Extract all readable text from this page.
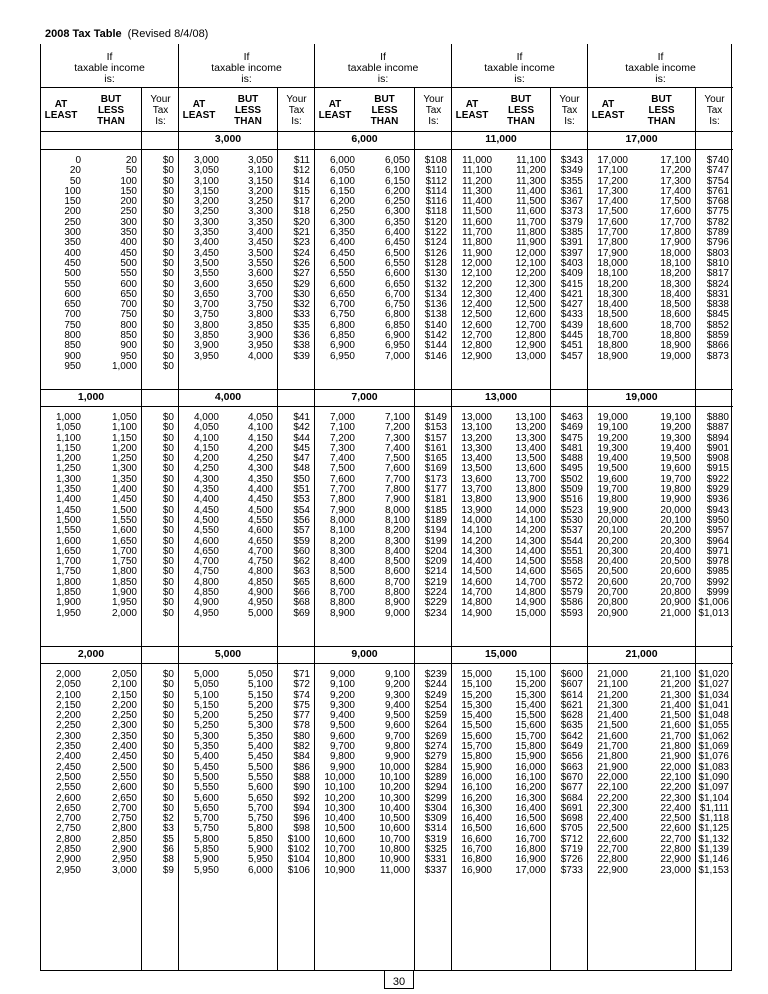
2008 Tax Table (Revised 8/4/08)
If
taxable income
is:
AT
LEAST
BUT
LESS
THAN
Your
Tax
Is:
0	20	$0
20	50	$0
50	100	$0
100	150	$0
150	200	$0
200	250	$0
250	300	$0
300	350	$0
350	400	$0
400	450	$0
450	500	$0
500	550	$0
550	600	$0
600	650	$0
650	700	$0
700	750	$0
750	800	$0
800	850	$0
850	900	$0
900	950	$0
950	1,000	$0
1,000
1,000	1,050	$0
1,050	1,100	$0
1,100	1,150	$0
1,150	1,200	$0
1,200	1,250	$0
1,250	1,300	$0
1,300	1,350	$0
1,350	1,400	$0
1,400	1,450	$0
1,450	1,500	$0
1,500	1,550	$0
1,550	1,600	$0
1,600	1,650	$0
1,650	1,700	$0
1,700	1,750	$0
1,750	1,800	$0
1,800	1,850	$0
1,850	1,900	$0
1,900	1,950	$0
1,950	2,000	$0
2,000
2,000	2,050	$0
2,050	2,100	$0
2,100	2,150	$0
2,150	2,200	$0
2,200	2,250	$0
2,250	2,300	$0
2,300	2,350	$0
2,350	2,400	$0
2,400	2,450	$0
2,450	2,500	$0
2,500	2,550	$0
2,550	2,600	$0
2,600	2,650	$0
2,650	2,700	$0
2,700	2,750	$2
2,750	2,800	$3
2,800	2,850	$5
2,850	2,900	$6
2,900	2,950	$8
2,950	3,000	$9
If
taxable income
is:
AT
LEAST
BUT
LESS
THAN
Your
Tax
Is:
3,000
3,000	3,050 $11
3,050	3,100 $12
3,100	3,150 $14
3,150	3,200 $15
3,200	3,250 $17
3,250	3,300 $18
3,300	3,350 $20
3,350	3,400 $21
3,400	3,450 $23
3,450	3,500 $24
3,500	3,550 $26
3,550	3,600 $27
3,600	3,650 $29
3,650	3,700 $30
3,700	3,750 $32
3,750	3,800 $33
3,800	3,850 $35
3,850	3,900 $36
3,900	3,950 $38
3,950	4,000 $39
4,000
4,000	4,050 $41
4,050	4,100 $42
4,100	4,150 $44
4,150	4,200 $45
4,200	4,250 $47
4,250	4,300 $48
4,300	4,350 $50
4,350	4,400 $51
4,400	4,450 $53
4,450	4,500 $54
4,500	4,550 $56
4,550	4,600 $57
4,600	4,650 $59
4,650	4,700 $60
4,700	4,750 $62
4,750	4,800 $63
4,800	4,850 $65
4,850	4,900 $66
4,900	4,950 $68
4,950	5,000 $69
5,000
5,000	5,050 $71
5,050	5,100 $72
5,100	5,150 $74
5,150	5,200 $75
5,200	5,250 $77
5,250	5,300 $78
5,300	5,350 $80
5,350	5,400 $82
5,400	5,450 $84
5,450	5,500 $86
5,500	5,550 $88
5,550	5,600 $90
5,600	5,650 $92
5,650	5,700 $94
5,700	5,750 $96
5,750	5,800 $98
5,800	5,850 $100
5,850	5,900 $102
5,900	5,950 $104
5,950	6,000 $106
If
taxable income
is:
AT
LEAST
BUT
LESS
THAN
Your
Tax
Is:
6,000
6,000	6,050 $108
6,050	6,100 $110
6,100	6,150 $112
6,150	6,200 $114
6,200	6,250 $116
6,250	6,300 $118
6,300	6,350 $120
6,350	6,400 $122
6,400	6,450 $124
6,450	6,500 $126
6,500	6,550 $128
6,550	6,600 $130
6,600	6,650 $132
6,650	6,700 $134
6,700	6,750 $136
6,750	6,800 $138
6,800	6,850 $140
6,850	6,900 $142
6,900	6,950 $144
6,950	7,000 $146
7,000
7,000	7,100 $149
7,100	7,200 $153
7,200	7,300 $157
7,300	7,400 $161
7,400	7,500 $165
7,500	7,600 $169
7,600	7,700 $173
7,700	7,800 $177
7,800	7,900 $181
7,900	8,000 $185
8,000	8,100 $189
8,100	8,200 $194
8,200	8,300 $199
8,300	8,400 $204
8,400	8,500 $209
8,500	8,600 $214
8,600	8,700 $219
8,700	8,800 $224
8,800	8,900 $229
8,900	9,000 $234
9,000
9,000	9,100 $239
9,100	9,200 $244
9,200	9,300 $249
9,300	9,400 $254
9,400	9,500 $259
9,500	9,600 $264
9,600	9,700 $269
9,700	9,800 $274
9,800	9,900 $279
9,900	10,000 $284
10,000	10,100 $289
10,100	10,200 $294
10,200	10,300 $299
10,300	10,400 $304
10,400	10,500 $309
10,500	10,600 $314
10,600	10,700 $319
10,700	10,800 $325
10,800	10,900 $331
10,900	11,000 $337
If
taxable income
is:
AT
LEAST
BUT
LESS
THAN
Your
Tax
Is:
11,000
11,000	11,100 $343
11,100	11,200 $349
11,200	11,300 $355
11,300	11,400 $361
11,400	11,500 $367
11,500	11,600 $373
11,600	11,700 $379
11,700	11,800 $385
11,800	11,900 $391
11,900	12,000 $397
12,000	12,100 $403
12,100	12,200 $409
12,200	12,300 $415
12,300	12,400 $421
12,400	12,500 $427
12,500	12,600 $433
12,600	12,700 $439
12,700	12,800 $445
12,800	12,900 $451
12,900	13,000 $457
13,000
13,000	13,100 $463
13,100	13,200 $469
13,200	13,300 $475
13,300	13,400 $481
13,400	13,500 $488
13,500	13,600 $495
13,600	13,700 $502
13,700	13,800 $509
13,800	13,900 $516
13,900	14,000 $523
14,000	14,100 $530
14,100	14,200 $537
14,200	14,300 $544
14,300	14,400 $551
14,400	14,500 $558
14,500	14,600 $565
14,600	14,700 $572
14,700	14,800 $579
14,800	14,900 $586
14,900	15,000 $593
15,000
15,000	15,100 $600
15,100	15,200 $607
15,200	15,300 $614
15,300	15,400 $621
15,400	15,500 $628
15,500	15,600 $635
15,600	15,700 $642
15,700	15,800 $649
15,800	15,900 $656
15,900	16,000 $663
16,000	16,100 $670
16,100	16,200 $677
16,200	16,300 $684
16,300	16,400 $691
16,400	16,500 $698
16,500	16,600 $705
16,600	16,700 $712
16,700	16,800 $719
16,800	16,900 $726
16,900	17,000 $733
If
taxable income
is:
AT
LEAST
BUT
LESS
THAN
Your
Tax
Is:
17,000
17,000	17,100 $740
17,100	17,200 $747
17,200	17,300 $754
17,300	17,400 $761
17,400	17,500 $768
17,500	17,600 $775
17,600	17,700 $782
17,700	17,800 $789
17,800	17,900 $796
17,900	18,000 $803
18,000	18,100 $810
18,100	18,200 $817
18,200	18,300 $824
18,300	18,400 $831
18,400	18,500 $838
18,500	18,600 $845
18,600	18,700 $852
18,700	18,800 $859
18,800	18,900 $866
18,900	19,000 $873
19,000
19,000	19,100 $880
19,100	19,200 $887
19,200	19,300 $894
19,300	19,400 $901
19,400	19,500 $908
19,500	19,600 $915
19,600	19,700 $922
19,700	19,800 $929
19,800	19,900 $936
19,900	20,000 $943
20,000	20,100 $950
20,100	20,200 $957
20,200	20,300 $964
20,300	20,400 $971
20,400	20,500 $978
20,500	20,600 $985
20,600	20,700 $992
20,700	20,800 $999
20,800	20,900 $1,006
20,900	21,000 $1,013
21,000
21,000	21,100 $1,020
21,100	21,200 $1,027
21,200	21,300 $1,034
21,300	21,400 $1,041
21,400	21,500 $1,048
21,500	21,600 $1,055
21,600	21,700 $1,062
21,700	21,800 $1,069
21,800	21,900 $1,076
21,900	22,000 $1,083
22,000	22,100 $1,090
22,100	22,200 $1,097
22,200	22,300 $1,104
22,300	22,400 $1,111
22,400	22,500 $1,118
22,500	22,600 $1,125
22,600	22,700 $1,132
22,700	22,800 $1,139
22,800	22,900 $1,146
22,900	23,000 $1,153
30
